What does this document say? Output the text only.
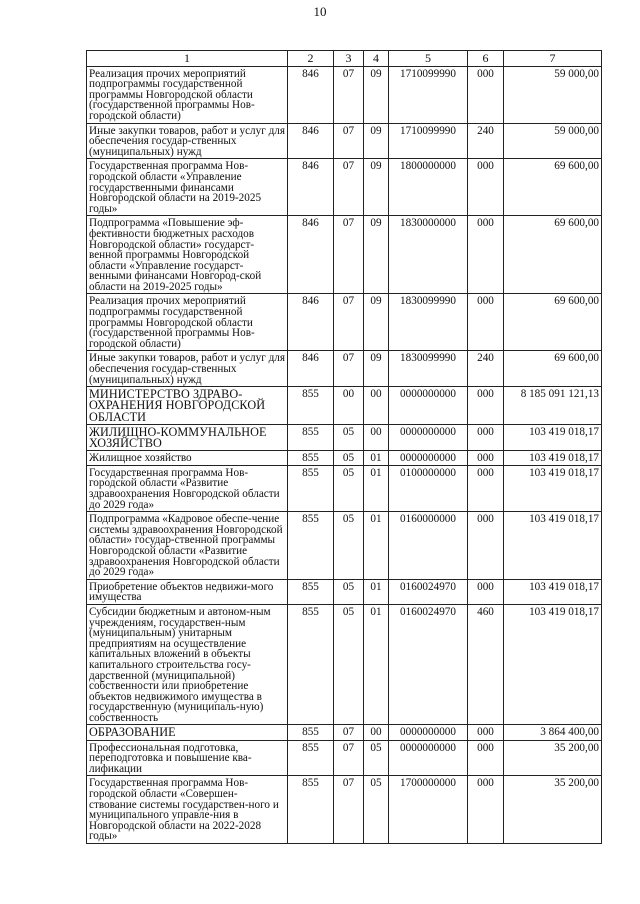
10
1	2	3	4	5	6	7
Реализация прочих мероприятий подпрограммы государственной программы Новгородской области (государственной программы Нов-городской области)	846	07	09	1710099990	000	59 000,00
Иные закупки товаров, работ и услуг для обеспечения государ-ственных (муниципальных) нужд	846	07	09	1710099990	240	59 000,00
Государственная программа Нов-городской области «Управление государственными финансами Новгородской области на 2019-2025 годы»	846	07	09	1800000000	000	69 600,00
Подпрограмма «Повышение эф-фективности бюджетных расходов Новгородской области» государст-венной программы Новгородской области «Управление государст-венными финансами Новгород-ской области на 2019-2025 годы»	846	07	09	1830000000	000	69 600,00
Реализация прочих мероприятий подпрограммы государственной программы Новгородской области (государственной программы Нов-городской области)	846	07	09	1830099990	000	69 600,00
Иные закупки товаров, работ и услуг для обеспечения государ-ственных (муниципальных) нужд	846	07	09	1830099990	240	69 600,00
МИНИСТЕРСТВО ЗДРАВО-ОХРАНЕНИЯ НОВГОРОДСКОЙ ОБЛАСТИ	855	00	00	0000000000	000	8 185 091 121,13
ЖИЛИЩНО-КОММУНАЛЬНОЕ ХОЗЯЙСТВО	855	05	00	0000000000	000	103 419 018,17
Жилищное хозяйство	855	05	01	0000000000	000	103 419 018,17
Государственная программа Нов-городской области «Развитие здравоохранения Новгородской области до 2029 года»	855	05	01	0100000000	000	103 419 018,17
Подпрограмма «Кадровое обеспе-чение системы здравоохранения Новгородской области» государ-ственной программы Новгородской области «Развитие здравоохранения Новгородской области до 2029 года»	855	05	01	0160000000	000	103 419 018,17
Приобретение объектов недвижи-мого имущества	855	05	01	0160024970	000	103 419 018,17
Субсидии бюджетным и автоном-ным учреждениям, государствен-ным (муниципальным) унитарным предприятиям на осуществление капитальных вложений в объекты капитального строительства госу-дарственной (муниципальной) собственности или приобретение объектов недвижимого имущества в государственную (муниципаль-ную) собственность	855	05	01	0160024970	460	103 419 018,17
ОБРАЗОВАНИЕ	855	07	00	0000000000	000	3 864 400,00
Профессиональная подготовка, переподготовка и повышение ква-лификации	855	07	05	0000000000	000	35 200,00
Государственная программа Нов-городской области «Совершен-ствование системы государствен-ного и муниципального управле-ния в Новгородской области на 2022-2028 годы»	855	07	05	1700000000	000	35 200,00
